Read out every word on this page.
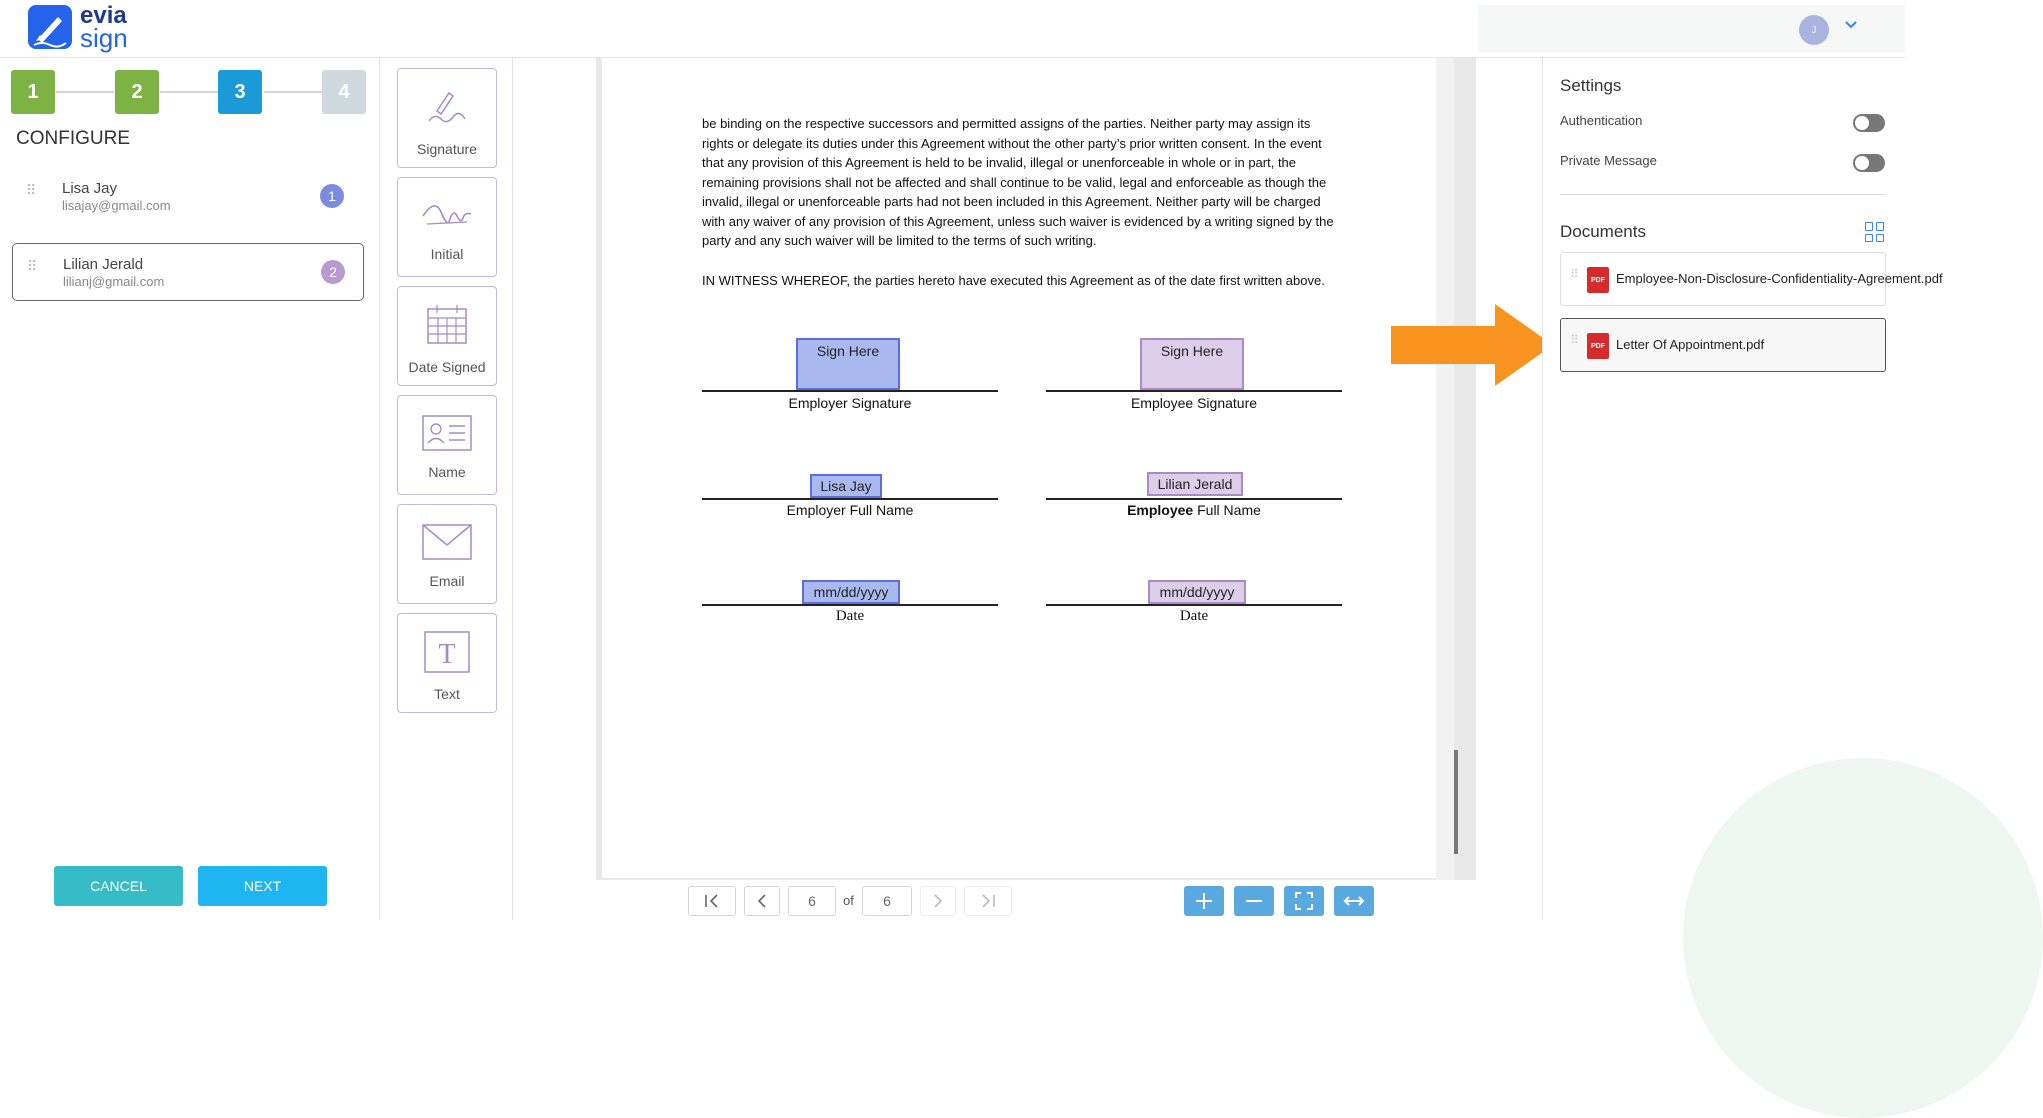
evia
sign	J
1	2	3	4
CONFIGURE
⠿ Lisa Jay
lisajay@gmail.com
1
⠿ Lilian Jerald
lilianj@gmail.com
2
CANCEL	NEXT
Signature
Initial
Date Signed
Name
Email
T
Text

be binding on the respective successors and permitted assigns of the parties. Neither party may assign its rights or delegate its duties under this Agreement without the other party’s prior written consent. In the event that any provision of this Agreement is held to be invalid, illegal or unenforceable in whole or in part, the remaining provisions shall not be affected and shall continue to be valid, legal and enforceable as though the invalid, illegal or unenforceable parts had not been included in this Agreement. Neither party will be charged with any waiver of any provision of this Agreement, unless such waiver is evidenced by a writing signed by the party and any such waiver will be limited to the terms of such writing.

IN WITNESS WHEREOF, the parties hereto have executed this Agreement as of the date first written above.

Sign Here
Employer Signature
Sign Here
Employee Signature
Lisa Jay
Employer Full Name
Lilian Jerald
Employee Full Name
mm/dd/yyyy
Date
mm/dd/yyyy
Date
6	of	6
Settings
Authentication
Private Message
Documents
⠿	PDF Employee-Non-Disclosure-Confidentiality-Agreement.pdf
⠿	PDF Letter Of Appointment.pdf
